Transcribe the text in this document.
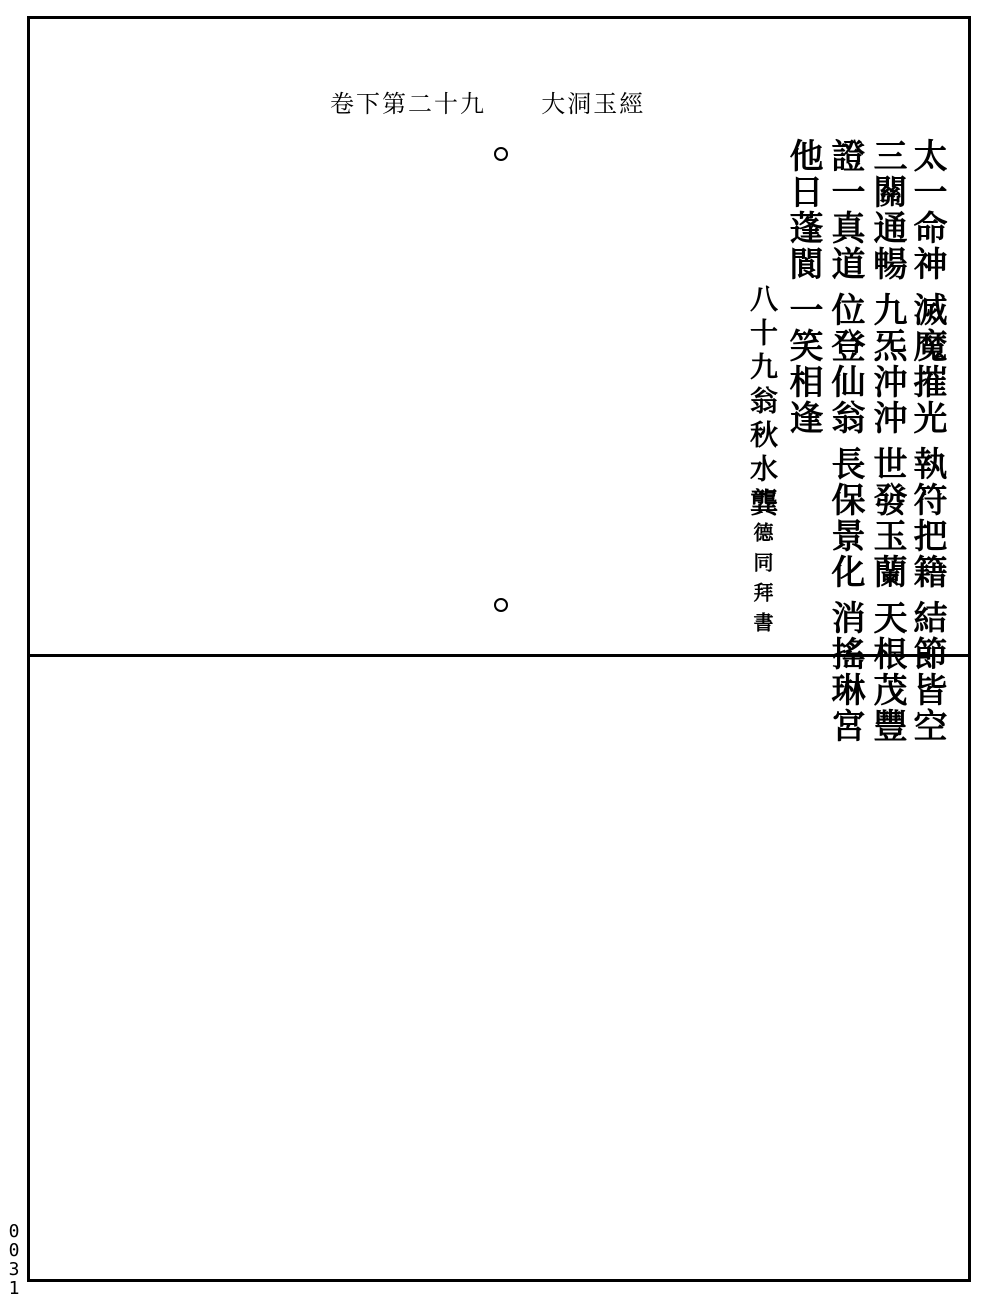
卷下第二十九 大洞玉經
太一命神滅魔摧光執符把籍結節皆空
三關通暢九炁沖沖世發玉蘭天根茂豐
證一真道位登仙翁長保景化消搖琳宮
他日蓬閬一笑相逢
八十九翁秋水龔德同拜書
0
0
3
1
